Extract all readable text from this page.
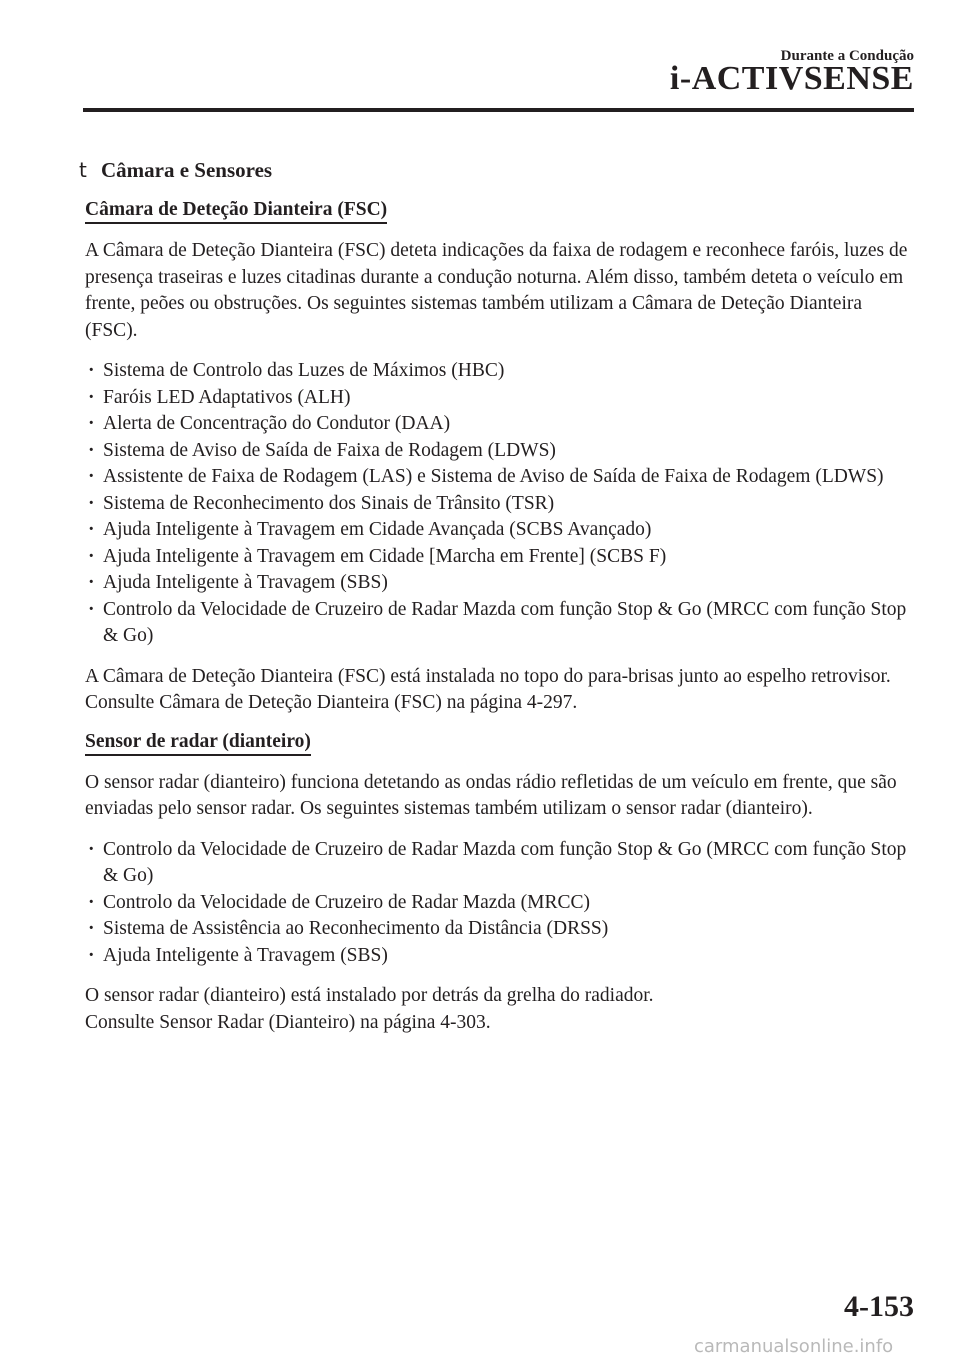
Durante a Condução
i-ACTIVSENSE
t Câmara e Sensores
Câmara de Deteção Dianteira (FSC)

A Câmara de Deteção Dianteira (FSC) deteta indicações da faixa de rodagem e reconhece faróis, luzes de presença traseiras e luzes citadinas durante a condução noturna. Além disso, também deteta o veículo em frente, peões ou obstruções. Os seguintes sistemas também utilizam a Câmara de Deteção Dianteira (FSC).

· Sistema de Controlo das Luzes de Máximos (HBC)
· Faróis LED Adaptativos (ALH)
· Alerta de Concentração do Condutor (DAA)
· Sistema de Aviso de Saída de Faixa de Rodagem (LDWS)
· Assistente de Faixa de Rodagem (LAS) e Sistema de Aviso de Saída de Faixa de Rodagem (LDWS)
· Sistema de Reconhecimento dos Sinais de Trânsito (TSR)
· Ajuda Inteligente à Travagem em Cidade Avançada (SCBS Avançado)
· Ajuda Inteligente à Travagem em Cidade [Marcha em Frente] (SCBS F)
· Ajuda Inteligente à Travagem (SBS)
· Controlo da Velocidade de Cruzeiro de Radar Mazda com função Stop & Go (MRCC com função Stop & Go)

A Câmara de Deteção Dianteira (FSC) está instalada no topo do para-brisas junto ao espelho retrovisor.

Consulte Câmara de Deteção Dianteira (FSC) na página 4-297.

Sensor de radar (dianteiro)

O sensor radar (dianteiro) funciona detetando as ondas rádio refletidas de um veículo em frente, que são enviadas pelo sensor radar. Os seguintes sistemas também utilizam o sensor radar (dianteiro).

· Controlo da Velocidade de Cruzeiro de Radar Mazda com função Stop & Go (MRCC com função Stop & Go)
· Controlo da Velocidade de Cruzeiro de Radar Mazda (MRCC)
· Sistema de Assistência ao Reconhecimento da Distância (DRSS)
· Ajuda Inteligente à Travagem (SBS)

O sensor radar (dianteiro) está instalado por detrás da grelha do radiador.

Consulte Sensor Radar (Dianteiro) na página 4-303.

4-153
carmanualsonline.info
